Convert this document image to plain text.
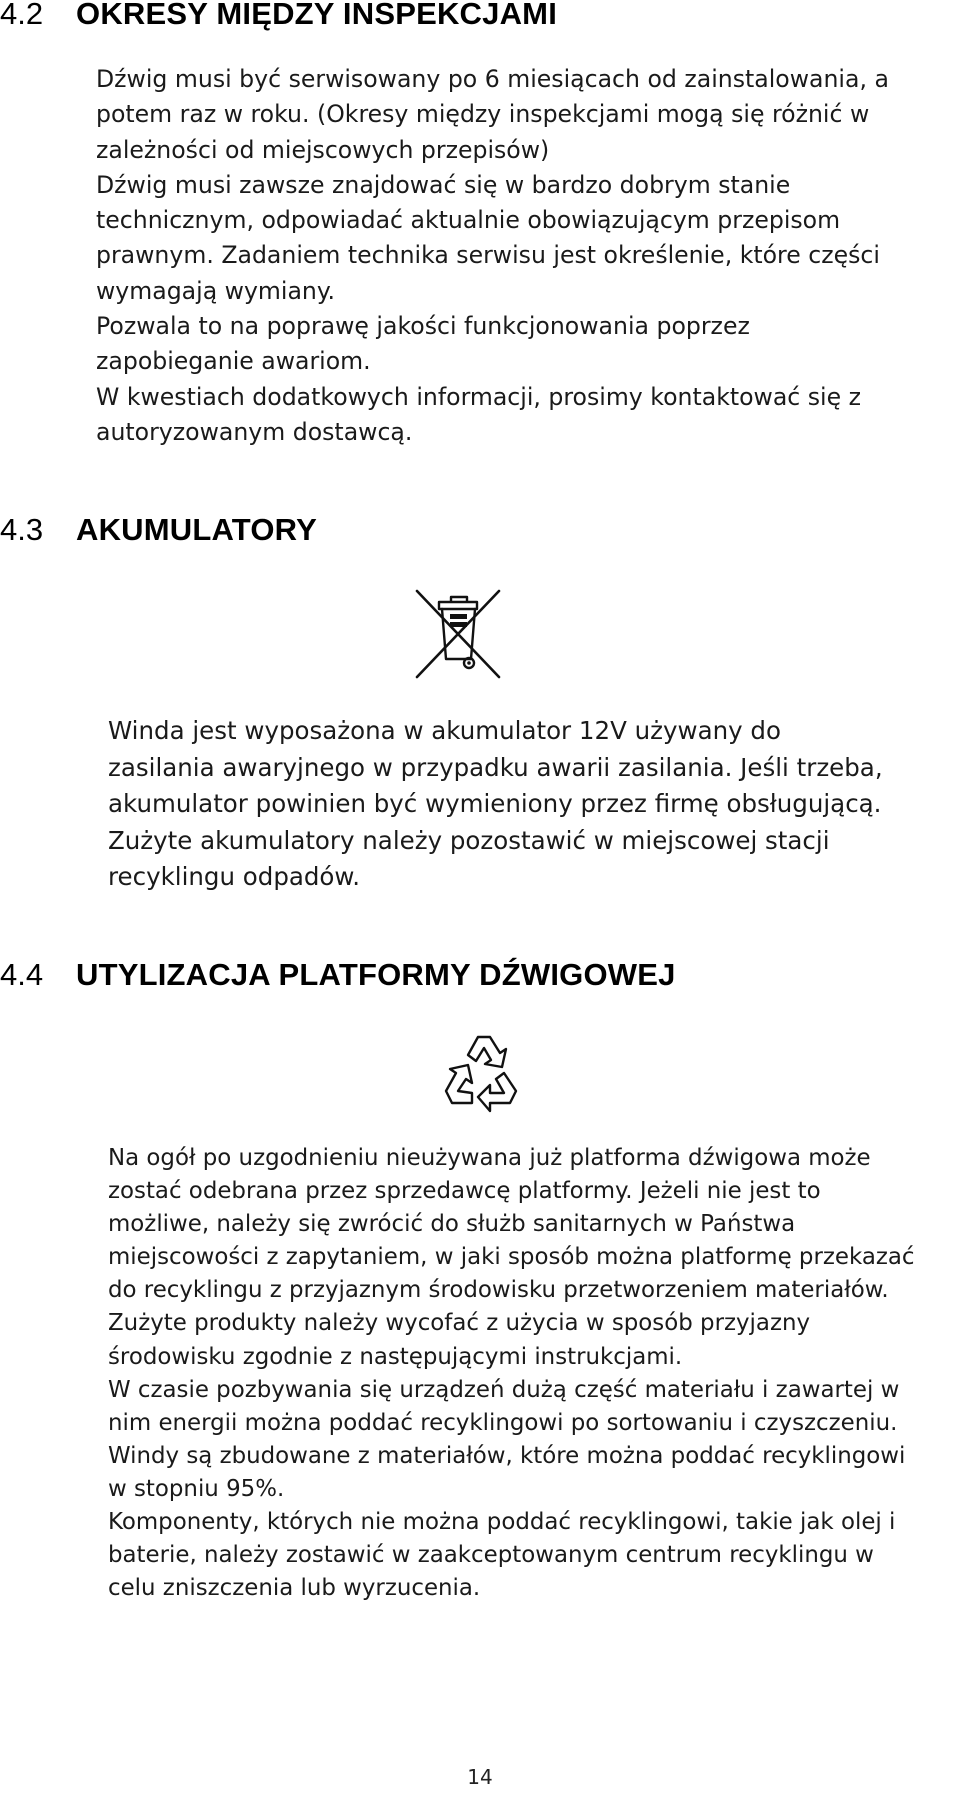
4.2 OKRESY MIĘDZY INSPEKCJAMI

Dźwig musi być serwisowany po 6 miesiącach od zainstalowania, a
potem raz w roku. (Okresy między inspekcjami mogą się różnić w
zależności od miejscowych przepisów)
Dźwig musi zawsze znajdować się w bardzo dobrym stanie
technicznym, odpowiadać aktualnie obowiązującym przepisom
prawnym. Zadaniem technika serwisu jest określenie, które części
wymagają wymiany.
Pozwala to na poprawę jakości funkcjonowania poprzez
zapobieganie awariom.
W kwestiach dodatkowych informacji, prosimy kontaktować się z
autoryzowanym dostawcą.

4.3 AKUMULATORY

Winda jest wyposażona w akumulator 12V używany do
zasilania awaryjnego w przypadku awarii zasilania. Jeśli trzeba,
akumulator powinien być wymieniony przez firmę obsługującą.
Zużyte akumulatory należy pozostawić w miejscowej stacji
recyklingu odpadów.

4.4 UTYLIZACJA PLATFORMY DŹWIGOWEJ

Na ogół po uzgodnieniu nieużywana już platforma dźwigowa może
zostać odebrana przez sprzedawcę platformy. Jeżeli nie jest to
możliwe, należy się zwrócić do służb sanitarnych w Państwa
miejscowości z zapytaniem, w jaki sposób można platformę przekazać
do recyklingu z przyjaznym środowisku przetworzeniem materiałów.
Zużyte produkty należy wycofać z użycia w sposób przyjazny
środowisku zgodnie z następującymi instrukcjami.
W czasie pozbywania się urządzeń dużą część materiału i zawartej w
nim energii można poddać recyklingowi po sortowaniu i czyszczeniu.
Windy są zbudowane z materiałów, które można poddać recyklingowi
w stopniu 95%.
Komponenty, których nie można poddać recyklingowi, takie jak olej i
baterie, należy zostawić w zaakceptowanym centrum recyklingu w
celu zniszczenia lub wyrzucenia.

14
